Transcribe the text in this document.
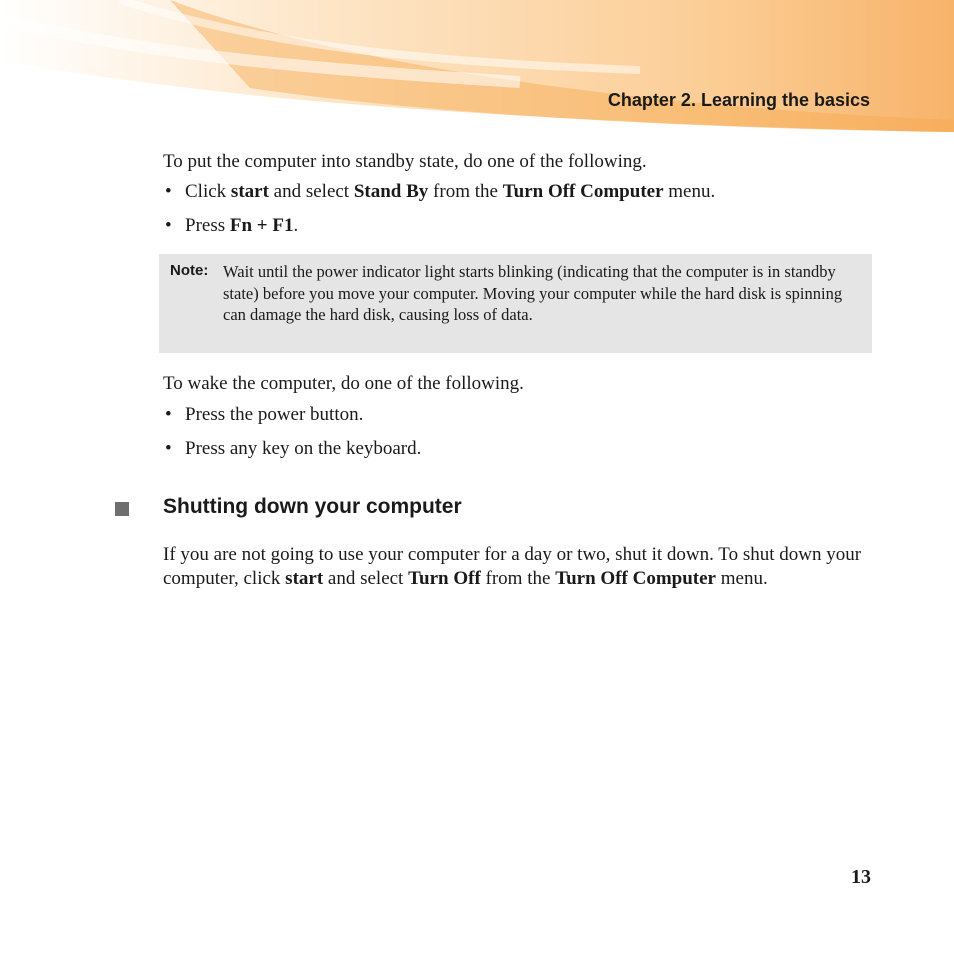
Chapter 2. Learning the basics
To put the computer into standby state, do one of the following.
• Click start and select Stand By from the Turn Off Computer menu.
• Press Fn + F1.
Note: Wait until the power indicator light starts blinking (indicating that the computer is in standby state) before you move your computer. Moving your computer while the hard disk is spinning can damage the hard disk, causing loss of data.
To wake the computer, do one of the following.
• Press the power button.
• Press any key on the keyboard.
Shutting down your computer
If you are not going to use your computer for a day or two, shut it down. To shut down your computer, click start and select Turn Off from the Turn Off Computer menu.
13
